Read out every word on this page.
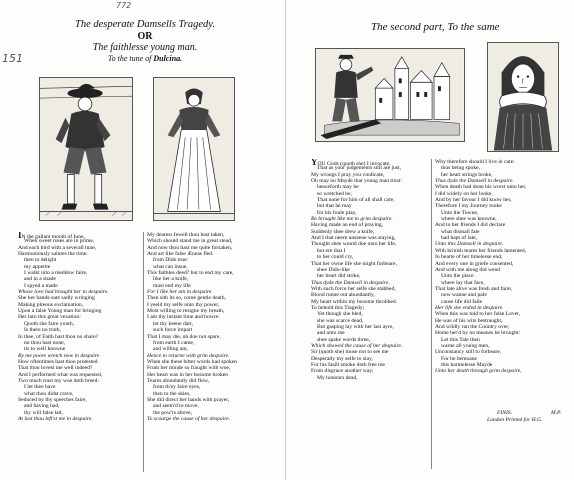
772
151
The desperate Damsells Tragedy.
OR
The faithlesse young man.
To the tune of Dulcina.
IN the gallant month of Iune,
When sweet roses are in prime,
And each bird with a severall tune,
Harmoniously salutes the time:
then to delight
my appetite
I walkt into a meddow faire,
and in a shade
I spyed a made
Whose love had brought her to despaire.
She her hands-sate sadly wringing
Making piteous exclamation,
Upon a false Young man for bringing
Her into this great vexation:
Quoth she faire youth,
Is there no truth,
In thee, of Faith hast thou no share?
no thou hast none,
tis to well knowne
By me poore wretch now in despaire
How oftentimes hast thou protested
That thou lovest me well indeed?
And I performed what was requested,
Two much trust my woe doth breed:
I let thee have
what thou didst crave,
Seduced by thy speeches faire,
and having had,
thy will false lad,
At last thou left'st me in despaire.
My dearest Jewell thou hast taken,
Which should stand me in great stead,
And now thou hast me quite forsaken,
And art like false Æneas fled.
from Dido true:
what can insue,
This faithles deed? but to end my care,
like her a knife,
must end my life
For I like her am in despaire.
Then sith its so, come gentle death,
I yeeld my selfe unto thy power,
Most willing to resigne my breath,
I am thy instant time and howre:
let thy keene dart,
such force impart
That I may die, oh doe not spare,
from earth I came,
and willing am,
Hence to returne with grim despaire.
When she these bitter words had spoken
From her minde so fraught with woe,
Her heart was in her bosome broken
Teares abundantly did flow,
from th'ey faire eyes,
then to the skies,
She did direct her hands with prayer,
and seem'd to move,
the pow'rs above,
To scourge the cause of her despaire.
The second part, To the same
YOU Gods (quoth she) I invocate,
That as your judgements still are just,
My wrongs I pray you vindicate,
Oh may no Mayde that young man trust:
henceforth may he
so wretched be,
That none for him of all shall care,
but that he may
for his foule play,
Be brought like me to grim despaire.
Having made an end of praying,
Suddenly shee drew a knife,
And I that neere unseene was staying,
Thought shee would doe unto her life,
but ere that I
to her could cry,
That her owne life she might forbeare,
shee Dido-like
her heart did strike,
Thus dyde the Damsell in despaire.
With such force her selfe she stabbed,
Blood runne out abundantly,
My heart within my bosome throbbed.
To behold this Tragedy;
Yet though she bled,
she was scarce dead,
But gasping lay with her last ayre,
and unto me
shee spake words three,
Which showed the cause of her despaire.
Sir (quoth she) muse not to see me
Desperatly my selfe to slay,
For his fasill smoke doth free me
From disgrace another way;
My honours dead,
Why therefore should I live in care:
thus being spoke,
her heart strings broke,
Thus dyde the Damsell in despaire.
When death had done his worst unto her,
I did widely on her looke,
And by her favour I did know her,
Therefore I my Journey tooke
Unto the Towne,
where shee was knowne,
And to her friends I did declare
what dismall fate
had hapt of late,
Unto this Damsell in despaire.
With brinish teares her friends lamented,
In hearte of her timelesse end,
And every one in griefe consented,
And with me along did wend
Unto the place
where lay that face,
That late alive was fresh and faire,
now wanne and pale
cause life did faile
Her life she ended in despaire.
When this was told to her false Lover,
He was of his wits bestraught,
And wildly ran the Country over,
Home her'd by no meanes be brought:
Let this Tale then
warne all young men,
Unconstancy still to forbeare,
For he bemoane
this harmelesse Mayde
Unto her death through grim despaire,
FINIS.	M.P.
London Printed for H.G.
